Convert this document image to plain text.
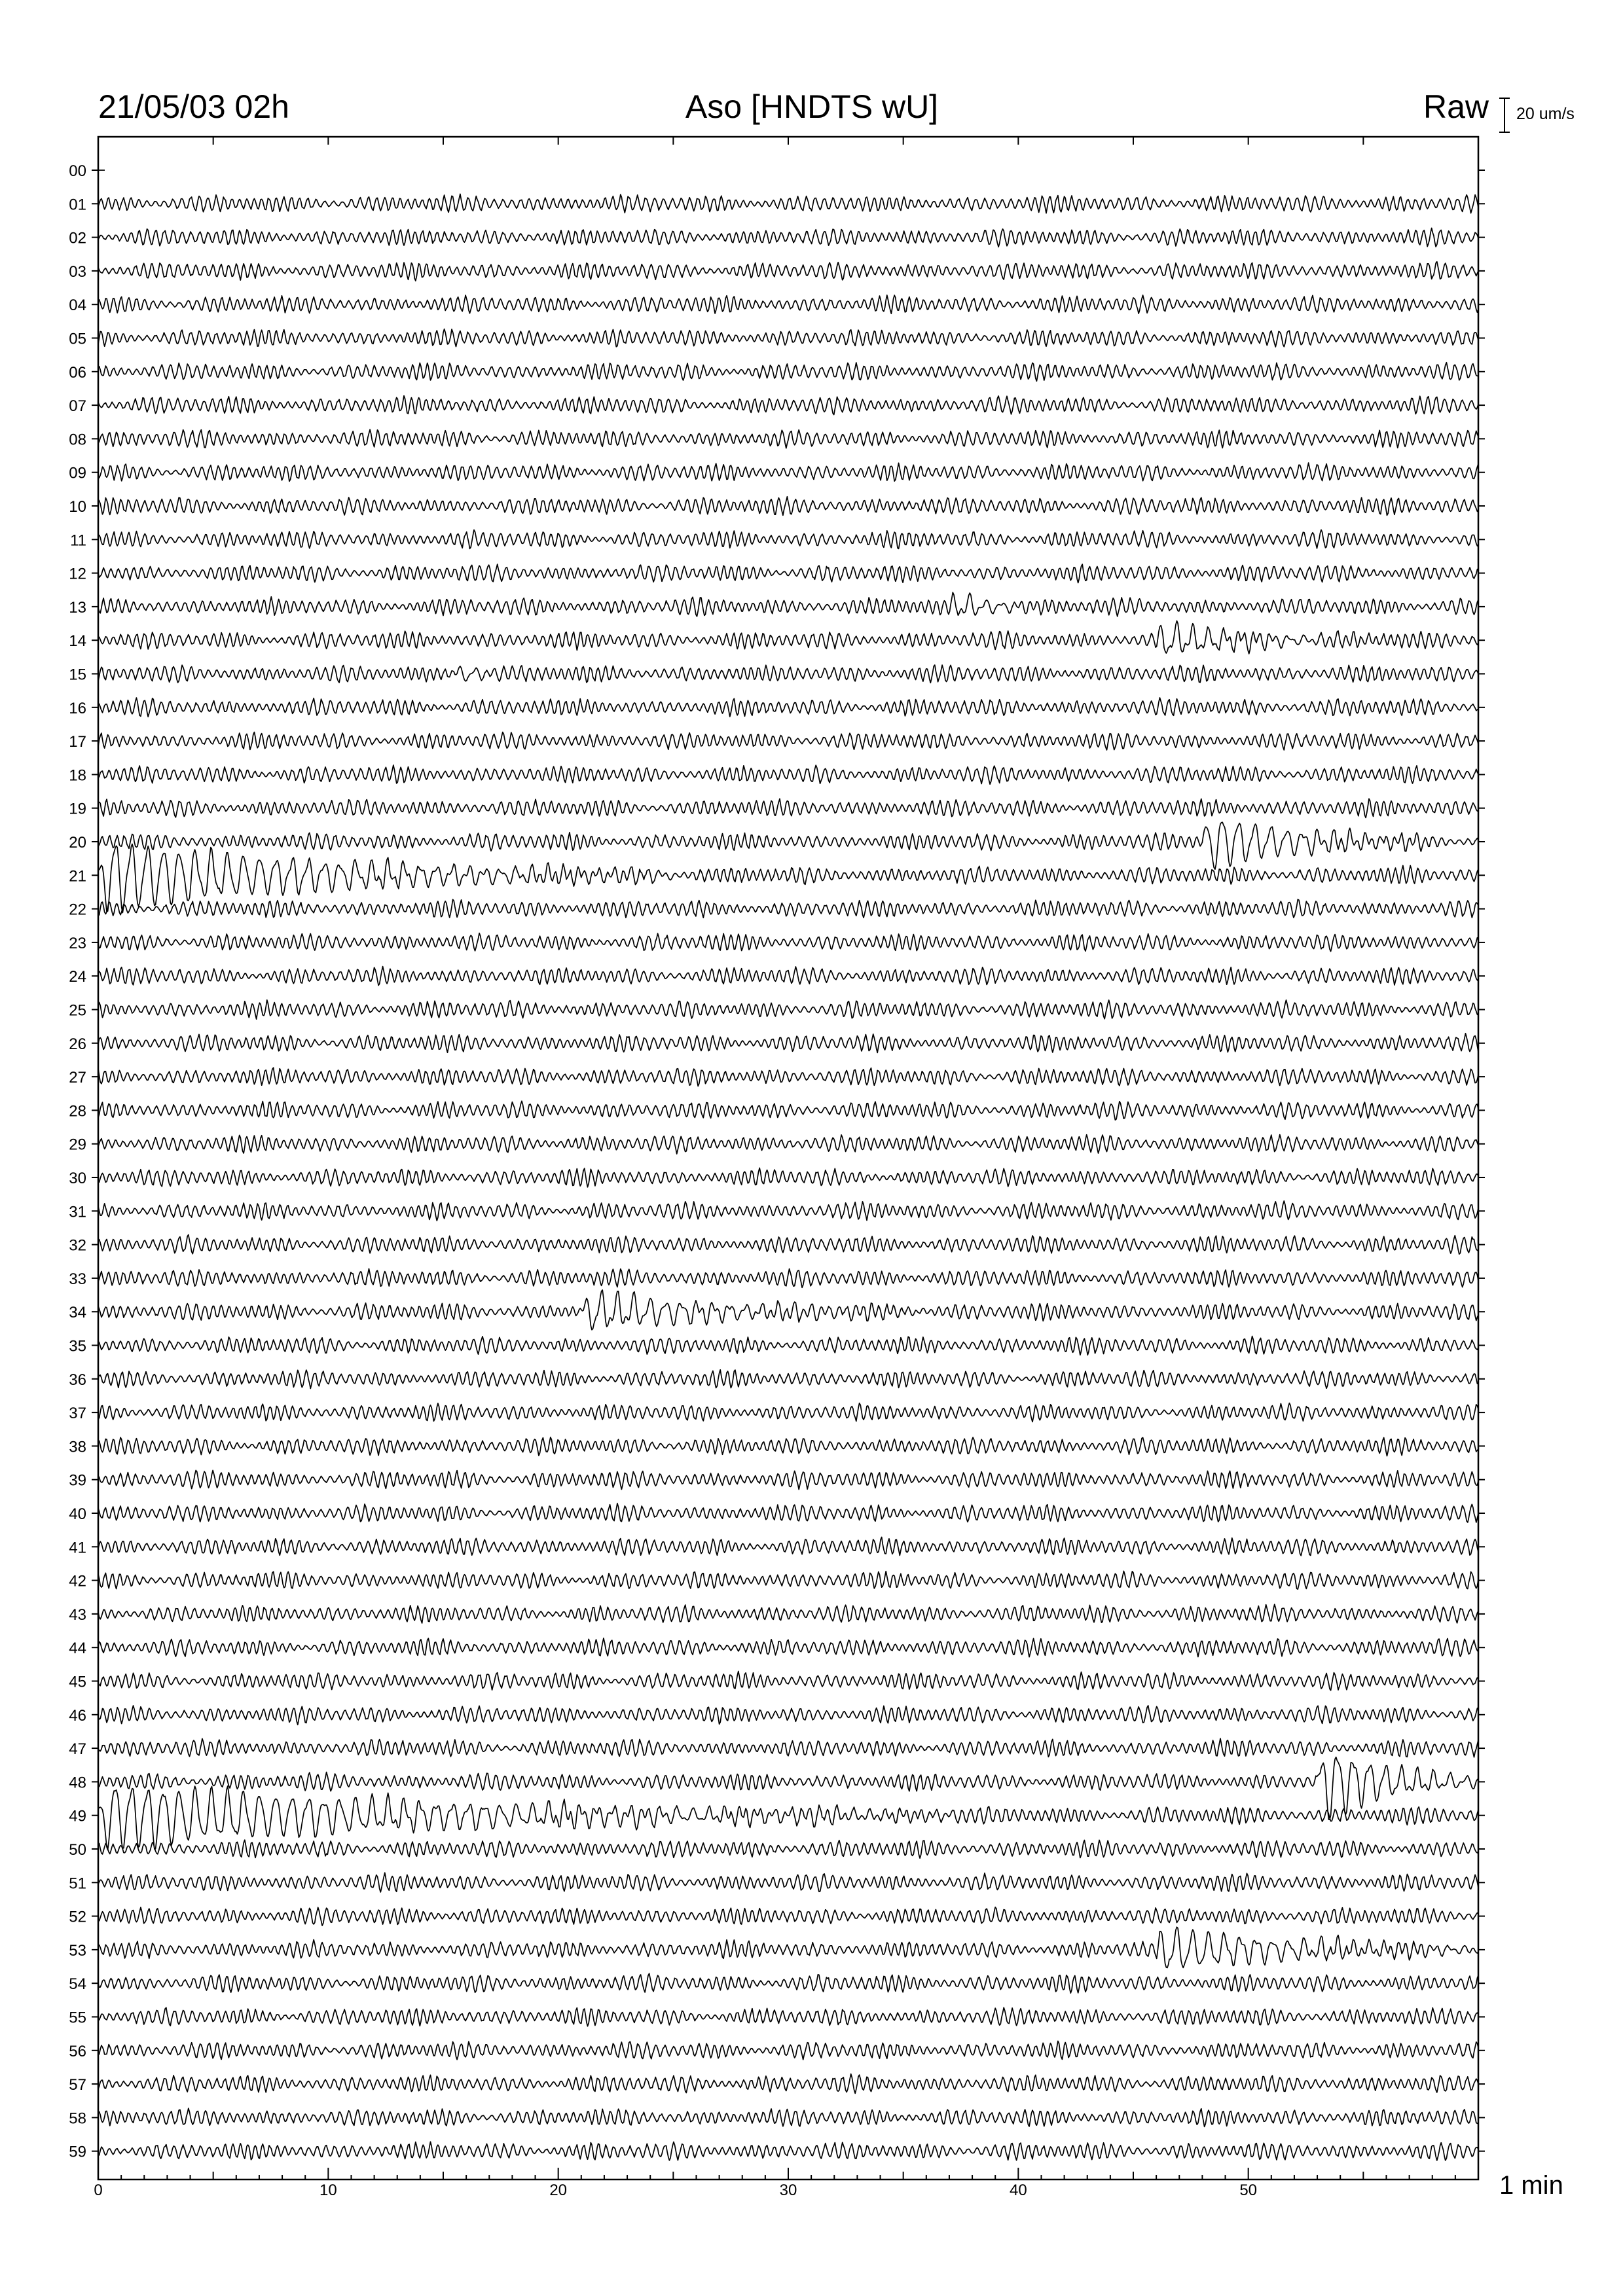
21/05/03 02h	Aso [HNDTS wU]	Raw 20 um/s
00
01
02
03
04
05
06
07
08
09
10
11
12
13
14
15
16
17
18
19
20
21
22
23
24
25
26
27
28
29
30
31
32
33
34
35
36
37
38
39
40
41
42
43
44
45
46
47
48
49
50
51
52
53
54
55
56
57
58
59
0	10	20	30	40	50	1 min
